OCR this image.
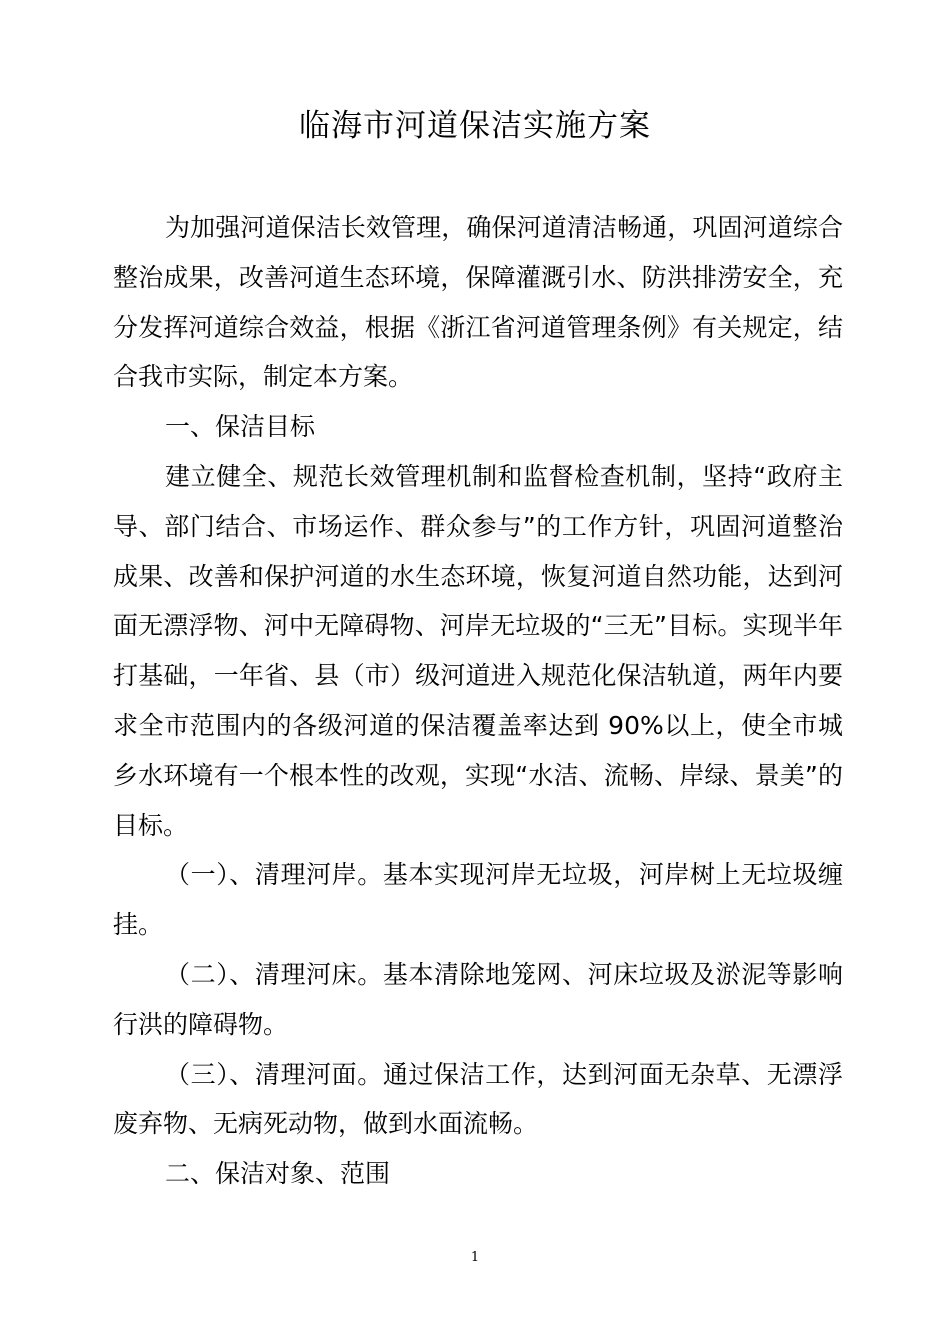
临海市河道保洁实施方案

为加强河道保洁长效管理，确保河道清洁畅通，巩固河道综合整治成果，改善河道生态环境，保障灌溉引水、防洪排涝安全，充分发挥河道综合效益，根据《浙江省河道管理条例》有关规定，结合我市实际，制定本方案。

一、保洁目标

建立健全、规范长效管理机制和监督检查机制，坚持“政府主导、部门结合、市场运作、群众参与”的工作方针，巩固河道整治成果、改善和保护河道的水生态环境，恢复河道自然功能，达到河面无漂浮物、河中无障碍物、河岸无垃圾的“三无”目标。实现半年打基础，一年省、县（市）级河道进入规范化保洁轨道，两年内要求全市范围内的各级河道的保洁覆盖率达到 90%以上，使全市城乡水环境有一个根本性的改观，实现“水洁、流畅、岸绿、景美”的目标。

（一）、清理河岸。基本实现河岸无垃圾，河岸树上无垃圾缠挂。

（二）、清理河床。基本清除地笼网、河床垃圾及淤泥等影响行洪的障碍物。

（三）、清理河面。通过保洁工作，达到河面无杂草、无漂浮废弃物、无病死动物，做到水面流畅。

二、保洁对象、范围

1
